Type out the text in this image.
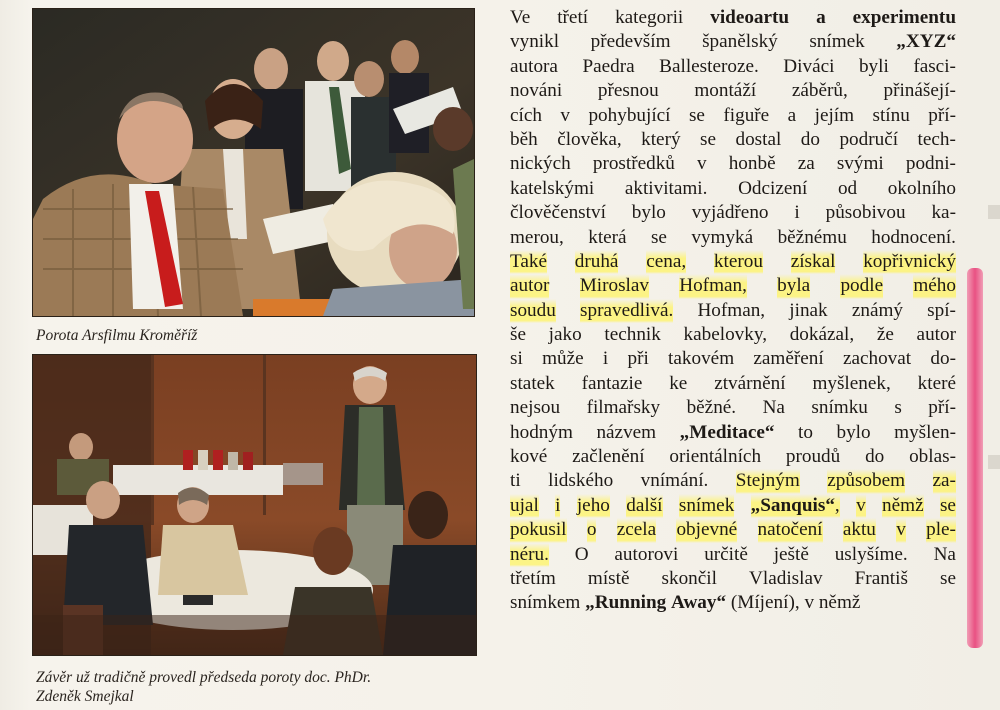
Porota Arsfilmu Kroměříž
Závěr už tradičně provedl předseda poroty doc. PhDr.
Zdeněk Smejkal
Ve třetí kategorii videoartu a experimentu
vynikl především španělský snímek „XYZ“
autora Paedra Ballesteroze. Diváci byli fasci-
nováni přesnou montáží záběrů, přinášejí-
cích v pohybující se figuře a jejím stínu pří-
běh člověka, který se dostal do područí tech-
nických prostředků v honbě za svými podni-
katelskými aktivitami. Odcizení od okolního
člověčenství bylo vyjádřeno i působivou ka-
merou, která se vymyká běžnému hodnocení.
Také druhá cena, kterou získal kopřivnický
autor Miroslav Hofman, byla podle mého
soudu spravedlivá. Hofman, jinak známý spí-
še jako technik kabelovky, dokázal, že autor
si může i při takovém zaměření zachovat do-
statek fantazie ke ztvárnění myšlenek, které
nejsou filmařsky běžné. Na snímku s pří-
hodným názvem „Meditace“ to bylo myšlen-
kové začlenění orientálních proudů do oblas-
ti lidského vnímání. Stejným způsobem za-
ujal i jeho další snímek „Sanquis“, v němž se
pokusil o zcela objevné natočení aktu v ple-
néru. O autorovi určitě ještě uslyšíme. Na
třetím místě skončil Vladislav Františ se
snímkem „Running Away“ (Míjení), v němž
